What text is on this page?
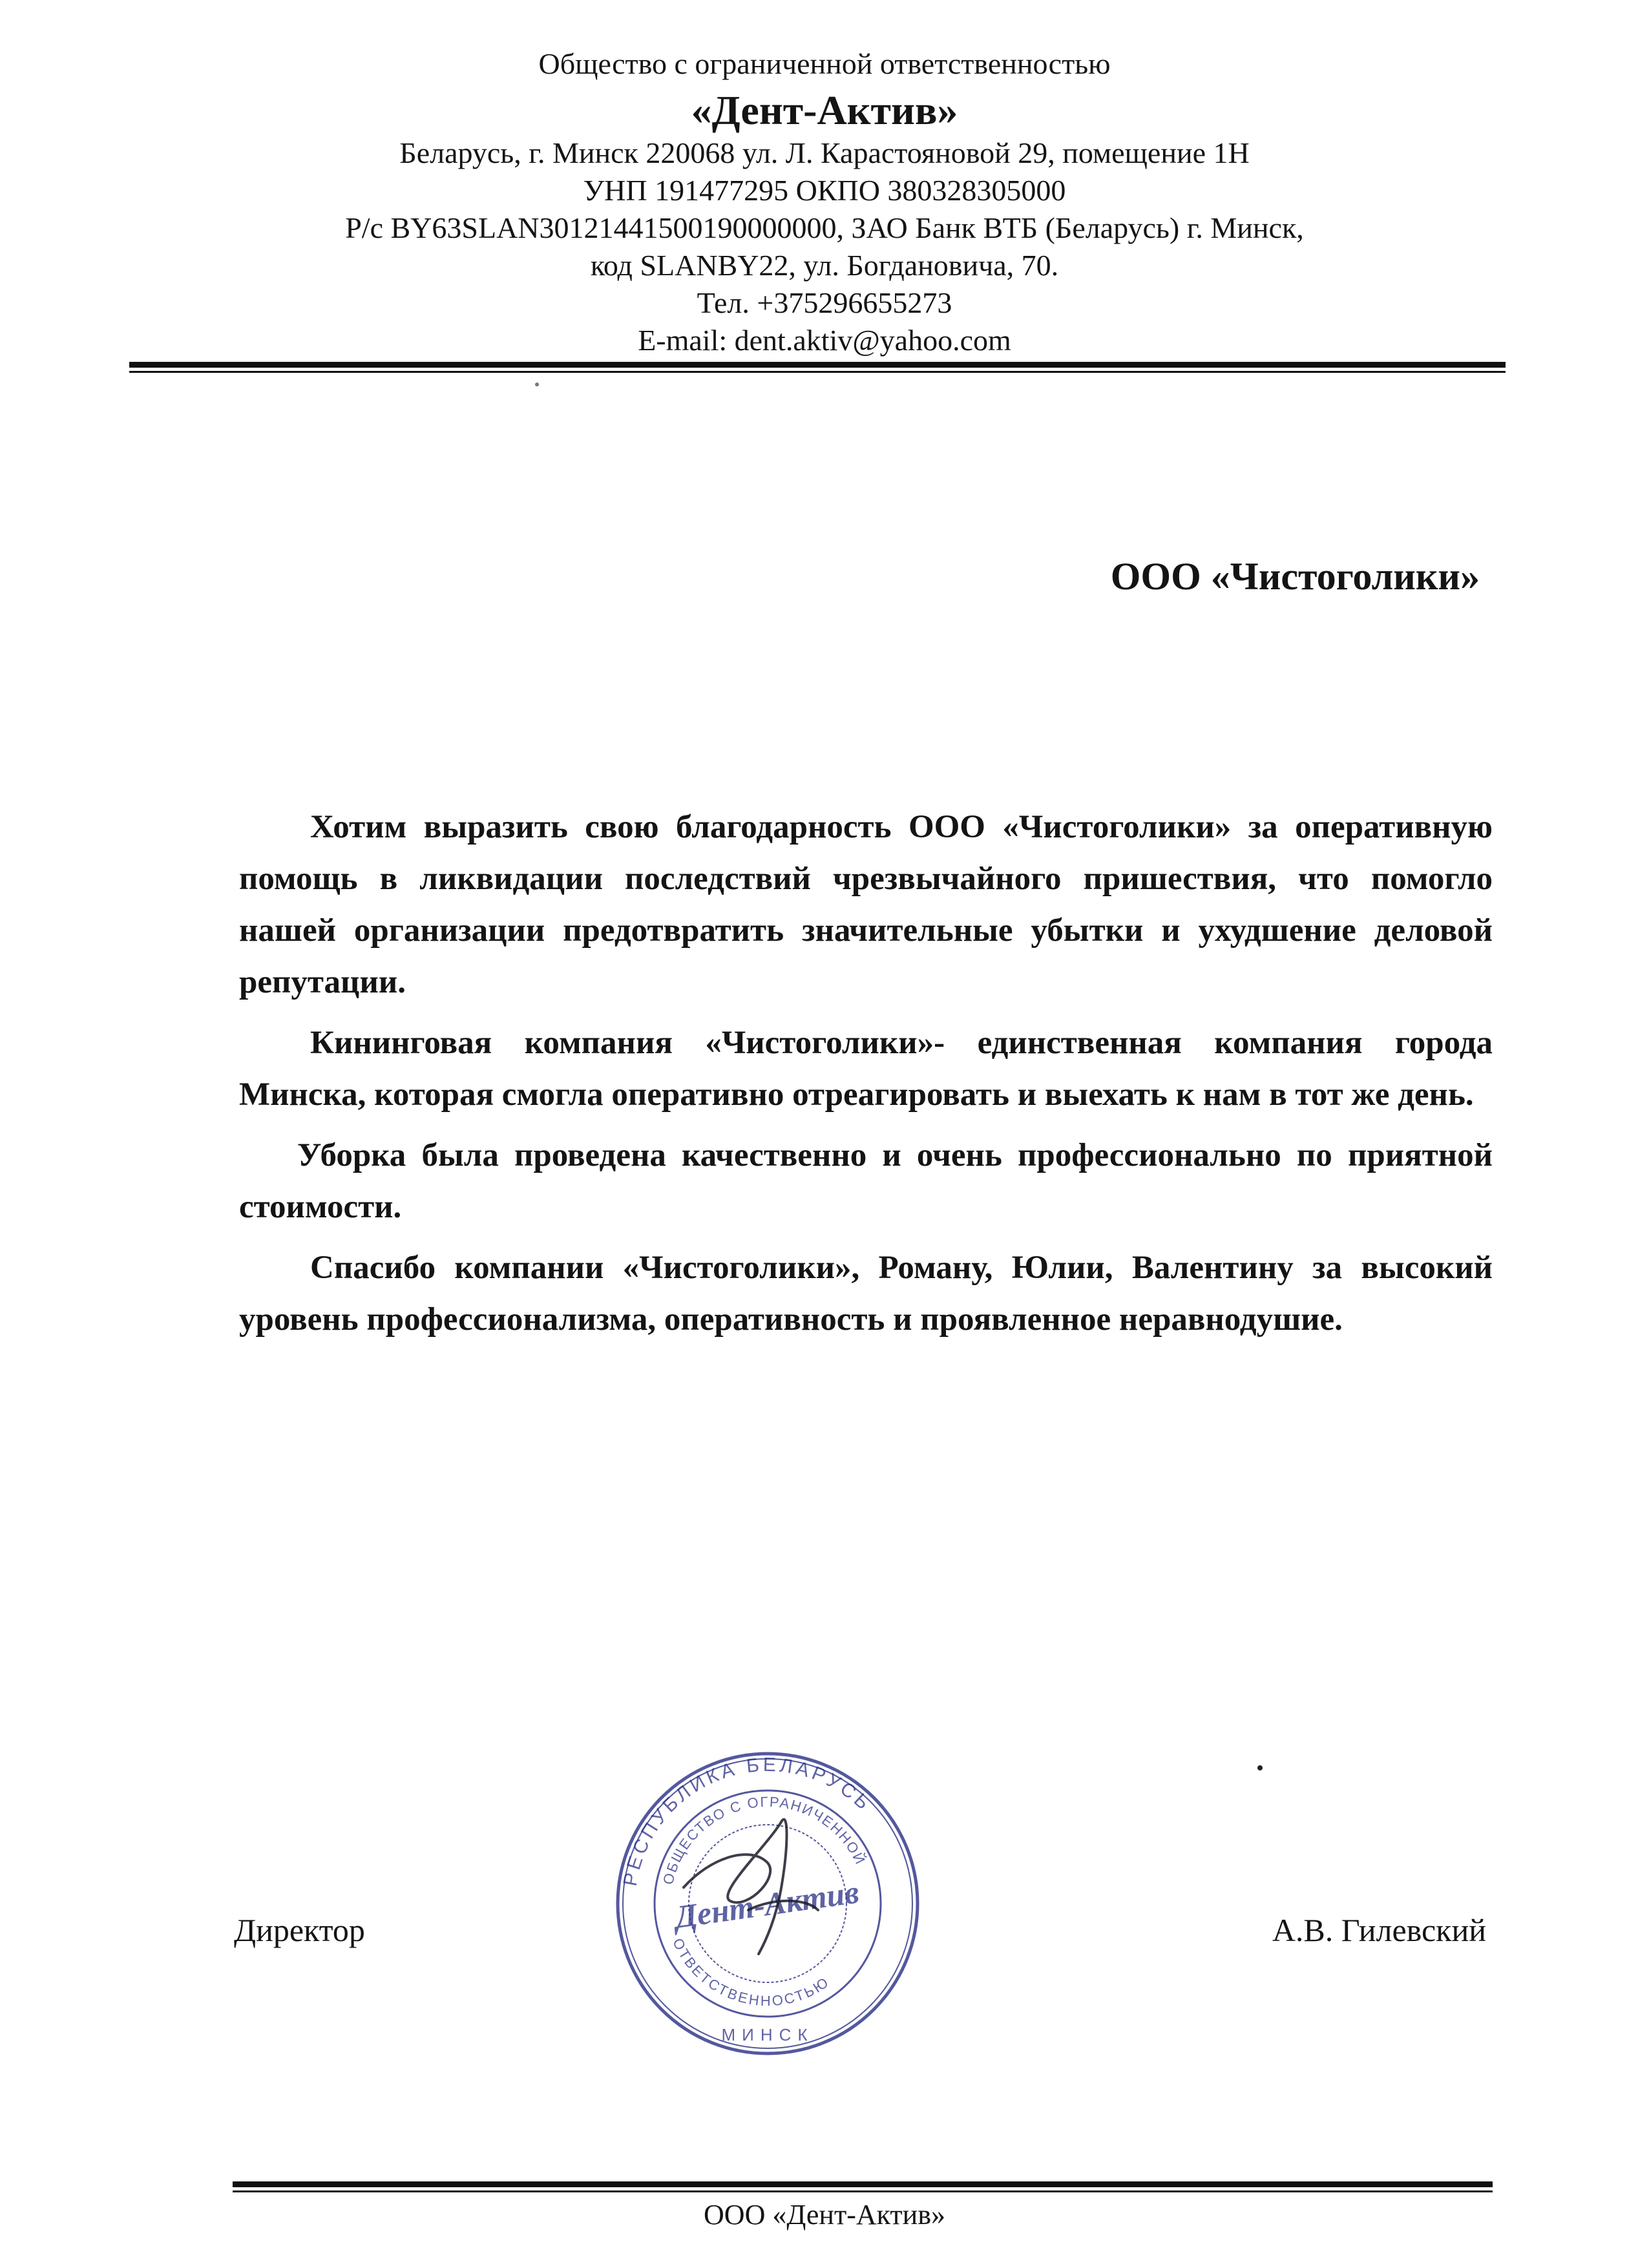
Общество с ограниченной ответственностью
«Дент-Актив»
Беларусь, г. Минск 220068 ул. Л. Карастояновой 29, помещение 1Н
УНП 191477295 ОКПО 380328305000
Р/с BY63SLAN30121441500190000000, ЗАО Банк ВТБ (Беларусь) г. Минск,
код SLANBY22, ул. Богдановича, 70.
Тел. +375296655273
E-mail: dent.aktiv@yahoo.com
ООО «Чистоголики»

Хотим выразить свою благодарность ООО «Чистоголики» за оперативную помощь в ликвидации последствий чрезвычайного пришествия, что помогло нашей организации предотвратить значительные убытки и ухудшение деловой репутации.

Кининговая компания «Чистоголики»- единственная компания города Минска, которая смогла оперативно отреагировать и выехать к нам в тот же день.

Уборка была проведена качественно и очень профессионально по приятной стоимости.

Спасибо компании «Чистоголики», Роману, Юлии, Валентину за высокий уровень профессионализма, оперативность и проявленное неравнодушие.

Директор	А.В. Гилевский
РЕСПУБЛИКА БЕЛАРУСЬ
ОБЩЕСТВО С ОГРАНИЧЕННОЙ
ОТВЕТСТВЕННОСТЬЮ
МИНСК
Дент-Актив
ООО «Дент-Актив»
